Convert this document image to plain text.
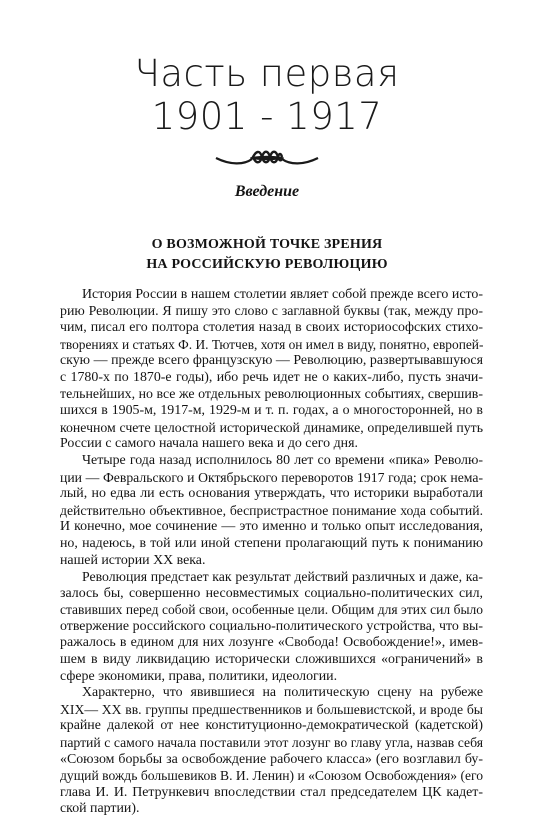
Часть первая
1901 - 1917
Введение
О ВОЗМОЖНОЙ ТОЧКЕ ЗРЕНИЯ
НА РОССИЙСКУЮ РЕВОЛЮЦИЮ
История России в нашем столетии являет собой прежде всего исто-
рию Революции. Я пишу это слово с заглавной буквы (так, между про-
чим, писал его полтора столетия назад в своих историософских стихо-
творениях и статьях Ф. И. Тютчев, хотя он имел в виду, понятно, европей-
скую — прежде всего французскую — Революцию, развертывавшуюся
с 1780-х по 1870-е годы), ибо речь идет не о каких-либо, пусть значи-
тельнейших, но все же отдельных революционных событиях, свершив-
шихся в 1905-м, 1917-м, 1929-м и т. п. годах, а о многосторонней, но в
конечном счете целостной исторической динамике, определившей путь
России с самого начала нашего века и до сего дня.
Четыре года назад исполнилось 80 лет со времени «пика» Револю-
ции — Февральского и Октябрьского переворотов 1917 года; срок нема-
лый, но едва ли есть основания утверждать, что историки выработали
действительно объективное, беспристрастное понимание хода событий.
И конечно, мое сочинение — это именно и только опыт исследования,
но, надеюсь, в той или иной степени пролагающий путь к пониманию
нашей истории XX века.
Революция предстает как результат действий различных и даже, ка-
залось бы, совершенно несовместимых социально-политических сил,
ставивших перед собой свои, особенные цели. Общим для этих сил было
отвержение российского социально-политического устройства, что вы-
ражалось в едином для них лозунге «Свобода! Освобождение!», имев-
шем в виду ликвидацию исторически сложившихся «ограничений» в
сфере экономики, права, политики, идеологии.
Характерно, что явившиеся на политическую сцену на рубеже
XIX— XX вв. группы предшественников и большевистской, и вроде бы
крайне далекой от нее конституционно-демократической (кадетской)
партий с самого начала поставили этот лозунг во главу угла, назвав себя
«Союзом борьбы за освобождение рабочего класса» (его возглавил бу-
дущий вождь большевиков В. И. Ленин) и «Союзом Освобождения» (его
глава И. И. Петрункевич впоследствии стал председателем ЦК кадет-
ской партии).
